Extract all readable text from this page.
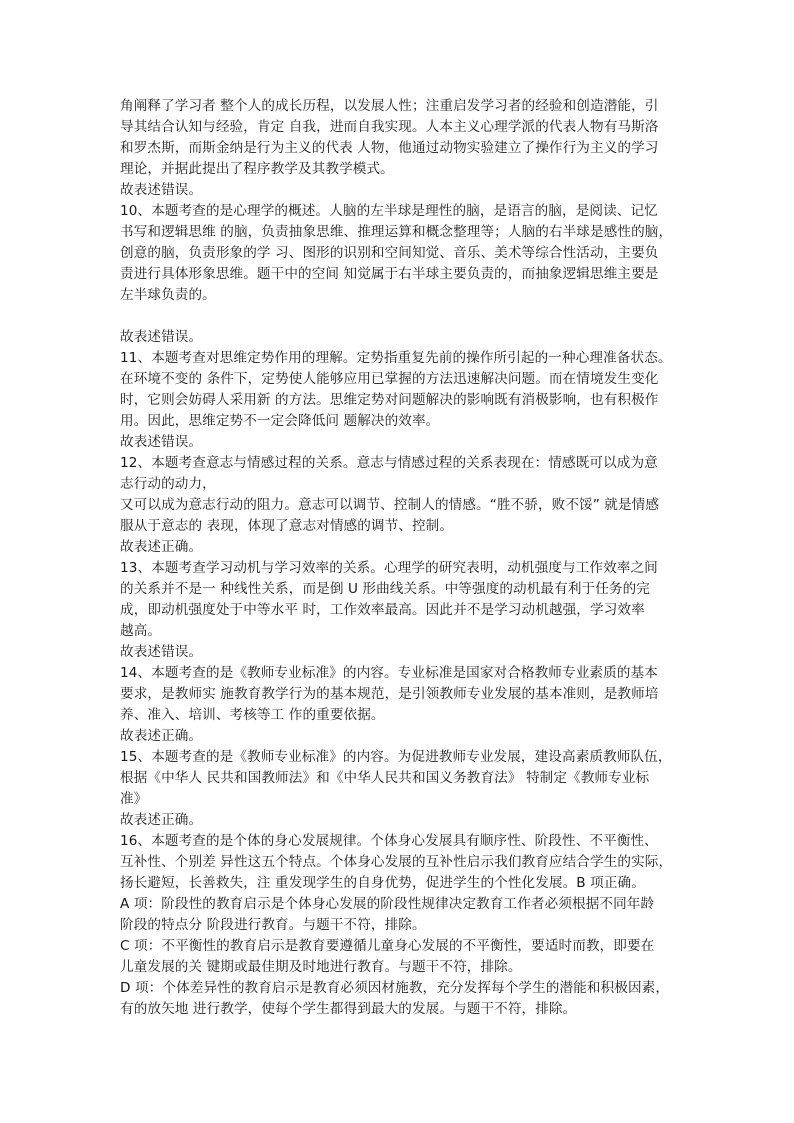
角阐释了学习者 整个人的成长历程，以发展人性；注重启发学习者的经验和创造潜能，引

导其结合认知与经验，肯定 自我，进而自我实现。人本主义心理学派的代表人物有马斯洛

和罗杰斯，而斯金纳是行为主义的代表 人物，他通过动物实验建立了操作行为主义的学习

理论，并据此提出了程序教学及其教学模式。

故表述错误。

10、本题考查的是心理学的概述。人脑的左半球是理性的脑，是语言的脑，是阅读、记忆

书写和逻辑思维 的脑，负责抽象思维、推理运算和概念整理等；人脑的右半球是感性的脑，

创意的脑，负责形象的学 习、图形的识别和空间知觉、音乐、美术等综合性活动，主要负

责进行具体形象思维。题干中的空间 知觉属于右半球主要负责的，而抽象逻辑思维主要是

左半球负责的。

故表述错误。

11、本题考查对思维定势作用的理解。定势指重复先前的操作所引起的一种心理准备状态。

在环境不变的 条件下，定势使人能够应用已掌握的方法迅速解决问题。而在情境发生变化

时，它则会妨碍人采用新 的方法。思维定势对问题解决的影响既有消极影响，也有积极作

用。因此，思维定势不一定会降低问 题解决的效率。

故表述错误。

12、本题考查意志与情感过程的关系。意志与情感过程的关系表现在：情感既可以成为意

志行动的动力，

又可以成为意志行动的阻力。意志可以调节、控制人的情感。“胜不骄，败不馁” 就是情感

服从于意志的 表现，体现了意志对情感的调节、控制。

故表述正确。

13、本题考查学习动机与学习效率的关系。心理学的研究表明，动机强度与工作效率之间

的关系并不是一 种线性关系，而是倒 U 形曲线关系。中等强度的动机最有利于任务的完

成，即动机强度处于中等水平 时，工作效率最高。因此并不是学习动机越强，学习效率

越高。

故表述错误。

14、本题考查的是《教师专业标准》的内容。专业标准是国家对合格教师专业素质的基本

要求，是教师实 施教育教学行为的基本规范，是引领教师专业发展的基本准则，是教师培

养、准入、培训、考核等工 作的重要依据。

故表述正确。

15、本题考查的是《教师专业标准》的内容。为促进教师专业发展，建设高素质教师队伍，

根据《中华人 民共和国教师法》和《中华人民共和国义务教育法》 特制定《教师专业标

准》

故表述正确。

16、本题考查的是个体的身心发展规律。个体身心发展具有顺序性、阶段性、不平衡性、

互补性、个别差 异性这五个特点。个体身心发展的互补性启示我们教育应结合学生的实际，

扬长避短，长善救失，注 重发现学生的自身优势，促进学生的个性化发展。B 项正确。

A 项：阶段性的教育启示是个体身心发展的阶段性规律决定教育工作者必须根据不同年龄

阶段的特点分 阶段进行教育。与题干不符，排除。

C 项：不平衡性的教育启示是教育要遵循儿童身心发展的不平衡性，要适时而教，即要在

儿童发展的关 键期或最佳期及时地进行教育。与题干不符，排除。

D 项：个体差异性的教育启示是教育必须因材施教，充分发挥每个学生的潜能和积极因素，

有的放矢地 进行教学，使每个学生都得到最大的发展。与题干不符，排除。
